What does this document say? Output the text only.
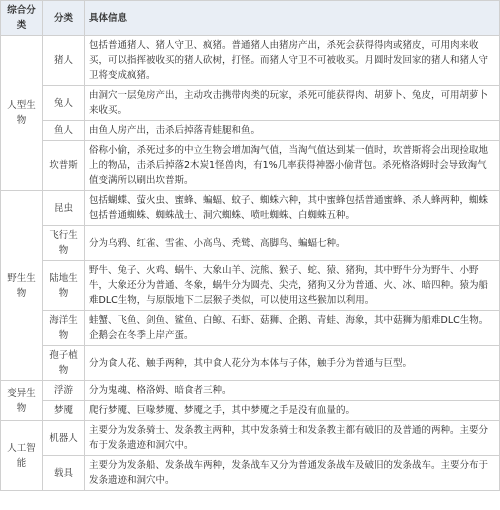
综合分类	分类	具体信息
人型生物	猪人	包括普通猪人、猪人守卫、疯猪。普通猪人由猪房产出，杀死会获得得肉或猪皮，可用肉来收买，可以指挥被收买的猪人砍树，打怪。而猪人守卫不可被收买。月圆时发回家的猪人和猪人守卫将变成疯猪。
	兔人	由洞穴一层兔房产出，主动攻击携带肉类的玩家，杀死可能获得肉、胡萝卜、兔皮，可用胡萝卜来收买。
	鱼人	由鱼人房产出，击杀后掉落青蛙腿和鱼。
	坎普斯	俗称小偷，杀死过多的中立生物会增加淘气值，当淘气值达到某一值时，坎普斯将会出现捡取地上的物品，击杀后掉落2木炭1怪兽肉，有1%几率获得神器小偷背包。杀死格洛姆时会导致淘气值变满所以刷出坎普斯。
野生生物	昆虫	包括蝴蝶、萤火虫、蜜蜂、蝙蝠、蚊子、蜘蛛六种，其中蜜蜂包括普通蜜蜂、杀人蜂两种，蜘蛛包括普通蜘蛛、蜘蛛战士、洞穴蜘蛛、喷吐蜘蛛、白蜘蛛五种。
	飞行生物	分为乌鸦、红雀、雪雀、小高鸟、秃鹫、高脚鸟、蝙蝠七种。
	陆地生物	野牛、兔子、火鸡、蜗牛、大象山羊、浣熊、猴子、蛇、猿、猪狗，其中野牛分为野牛、小野牛，大象还分为普通、冬象，蜗牛分为圆壳、尖壳，猪狗又分为普通、火、冰、暗四种。猿为船难DLC生物，与原版地下二层猴子类似，可以使用这些猴加以利用。
	海洋生物	蛙蟹、飞鱼、剑鱼、鲨鱼、白鲸、石虾、菇狮、企鹅、青蛙、海象，其中菇狮为船难DLC生物。企鹅会在冬季上岸产蛋。
	孢子植物	分为食人花、触手两种，其中食人花分为本体与子体，触手分为普通与巨型。
变异生物	浮游	分为鬼魂、格洛姆、暗食者三种。
	梦魇	爬行梦魇、巨喙梦魇、梦魇之手，其中梦魇之手是没有血量的。
人工智能	机器人	主要分为发条骑士、发条教主两种，其中发条骑士和发条教主都有破旧的及普通的两种。主要分布于发条遗迹和洞穴中。
	载具	主要分为发条船、发条战车两种，发条战车又分为普通发条战车及破旧的发条战车。主要分布于发条遗迹和洞穴中。
